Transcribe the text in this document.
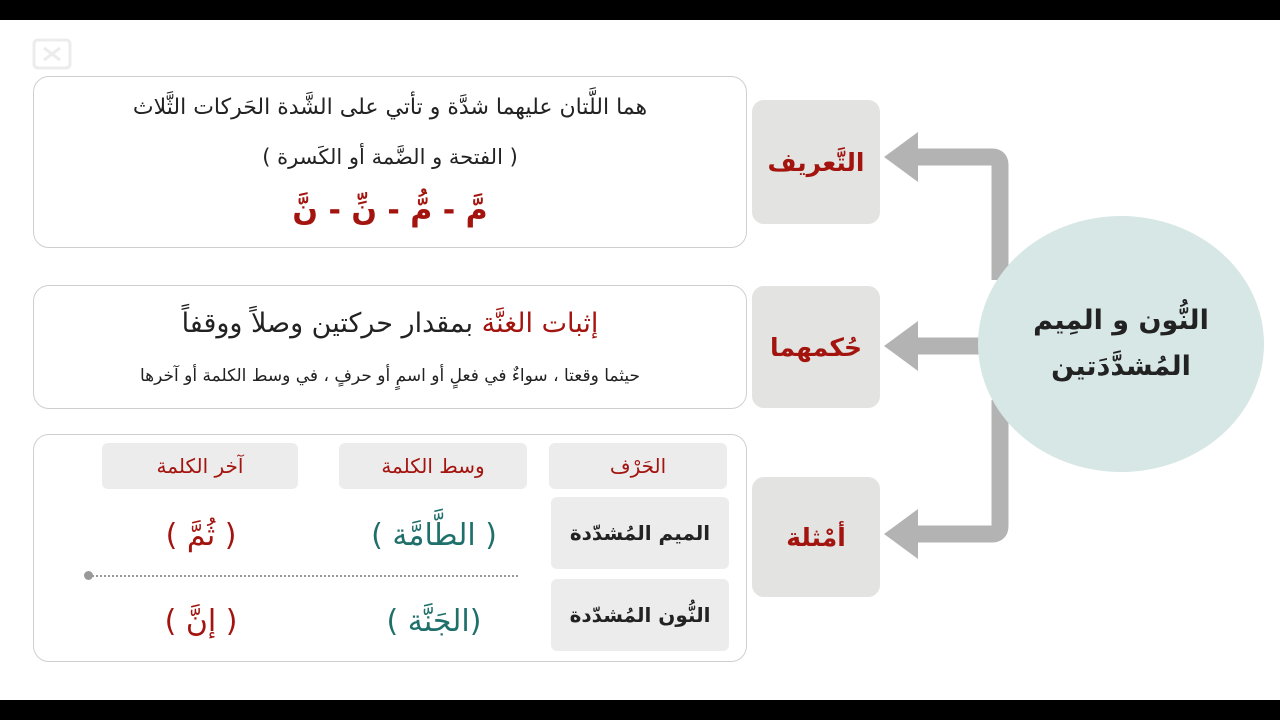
النُّون و المِيم
المُشدَّدَتين
التَّعريف
هما اللَّتان عليهما شدَّة و تأتي على الشَّدة الحَركات الثَّلاث
( الفتحة و الضَّمة أو الكَسرة )
مَّ - مُّ - نِّ - نَّ
حُكمهما
إثبات الغنَّة بمقدار حركتين وصلاً ووقفاً
حيثما وقعتا ، سواءٌ في فعلٍ أو اسمٍ أو حرفٍ ، في وسط الكلمة أو آخرها
أمْثلة
الحَرْف
وسط الكلمة
آخر الكلمة
الميم المُشدّدة
النُّون المُشدّدة
( الطَّامَّة )
( ثُمَّ )
(الجَنَّة )
( إنَّ )
